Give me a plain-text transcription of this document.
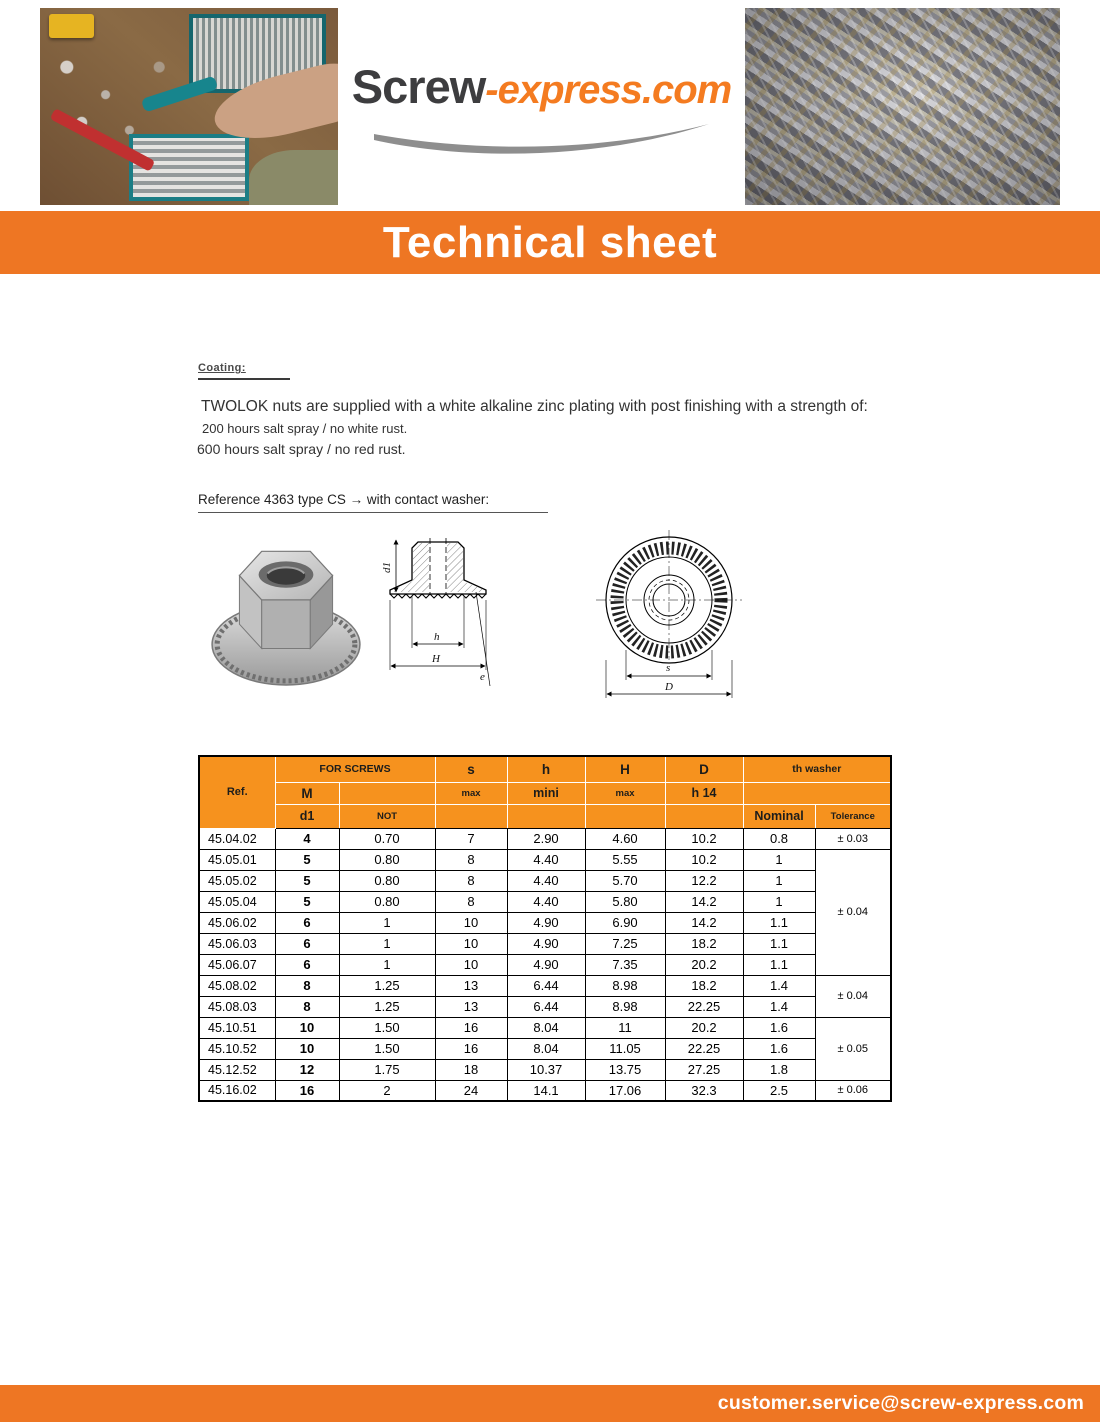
Screw-express.com
Technical sheet
Coating:
TWOLOK nuts are supplied with a white alkaline zinc plating with post finishing with a strength of:
200 hours salt spray / no white rust.
600 hours salt spray / no red rust.
Reference 4363 type CS → with contact washer:
d1
h
H
e
s
D
Ref.	FOR SCREWS		s	h	H	D	th washer	
	M		max	mini	max	h 14		
	d1	NOT					Nominal	Tolerance
45.04.02	4	0.70	7	2.90	4.60	10.2	0.8	± 0.03
45.05.01	5	0.80	8	4.40	5.55	10.2	1	± 0.04
45.05.02	5	0.80	8	4.40	5.70	12.2	1	
45.05.04	5	0.80	8	4.40	5.80	14.2	1	
45.06.02	6	1	10	4.90	6.90	14.2	1.1	
45.06.03	6	1	10	4.90	7.25	18.2	1.1	
45.06.07	6	1	10	4.90	7.35	20.2	1.1	
45.08.02	8	1.25	13	6.44	8.98	18.2	1.4	± 0.04
45.08.03	8	1.25	13	6.44	8.98	22.25	1.4	
45.10.51	10	1.50	16	8.04	11	20.2	1.6	± 0.05
45.10.52	10	1.50	16	8.04	11.05	22.25	1.6	
45.12.52	12	1.75	18	10.37	13.75	27.25	1.8	
45.16.02	16	2	24	14.1	17.06	32.3	2.5	± 0.06
customer.service@screw-express.com
